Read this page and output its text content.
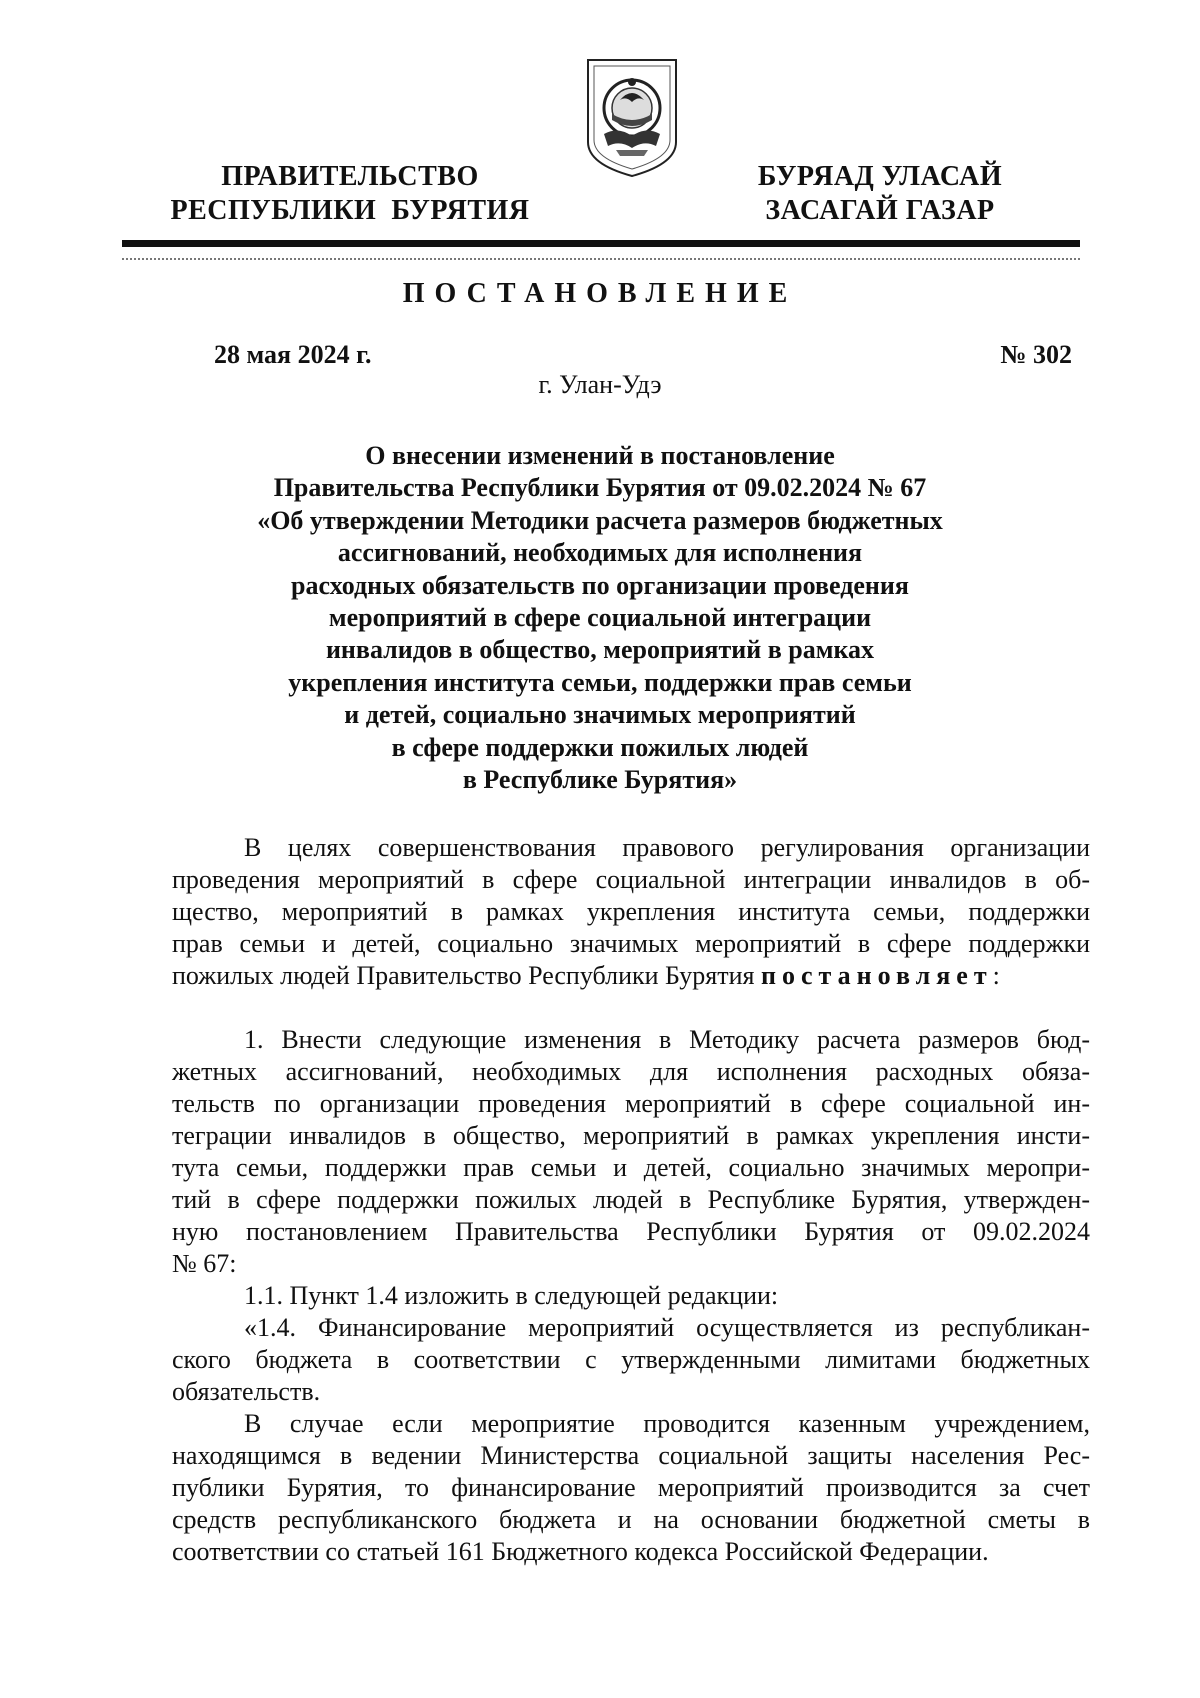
ПРАВИТЕЛЬСТВО
РЕСПУБЛИКИ  БУРЯТИЯ
БУРЯАД УЛАСАЙ
ЗАСАГАЙ ГАЗАР
ПОСТАНОВЛЕНИЕ
28 мая 2024 г.	№ 302
г. Улан-Удэ
О внесении изменений в постановление
Правительства Республики Бурятия от 09.02.2024 № 67
«Об утверждении Методики расчета размеров бюджетных
ассигнований, необходимых для исполнения
расходных обязательств по организации проведения
мероприятий в сфере социальной интеграции
инвалидов в общество, мероприятий в рамках
укрепления института семьи, поддержки прав семьи
и детей, социально значимых мероприятий
в сфере поддержки пожилых людей
в Республике Бурятия»
В целях совершенствования правового регулирования организации
проведения мероприятий в сфере социальной интеграции инвалидов в об-
щество, мероприятий в рамках укрепления института семьи, поддержки
прав семьи и детей, социально значимых мероприятий в сфере поддержки
пожилых людей Правительство Республики Бурятия постановляет:
1. Внести следующие изменения в Методику расчета размеров бюд-
жетных ассигнований, необходимых для исполнения расходных обяза-
тельств по организации проведения мероприятий в сфере социальной ин-
теграции инвалидов в общество, мероприятий в рамках укрепления инсти-
тута семьи, поддержки прав семьи и детей, социально значимых меропри-
тий в сфере поддержки пожилых людей в Республике Бурятия, утвержден-
ную постановлением Правительства Республики Бурятия от 09.02.2024
№ 67:
1.1. Пункт 1.4 изложить в следующей редакции:
«1.4. Финансирование мероприятий осуществляется из республикан-
ского бюджета в соответствии с утвержденными лимитами бюджетных
обязательств.
В случае если мероприятие проводится казенным учреждением,
находящимся в ведении Министерства социальной защиты населения Рес-
публики Бурятия, то финансирование мероприятий производится за счет
средств республиканского бюджета и на основании бюджетной сметы в
соответствии со статьей 161 Бюджетного кодекса Российской Федерации.
